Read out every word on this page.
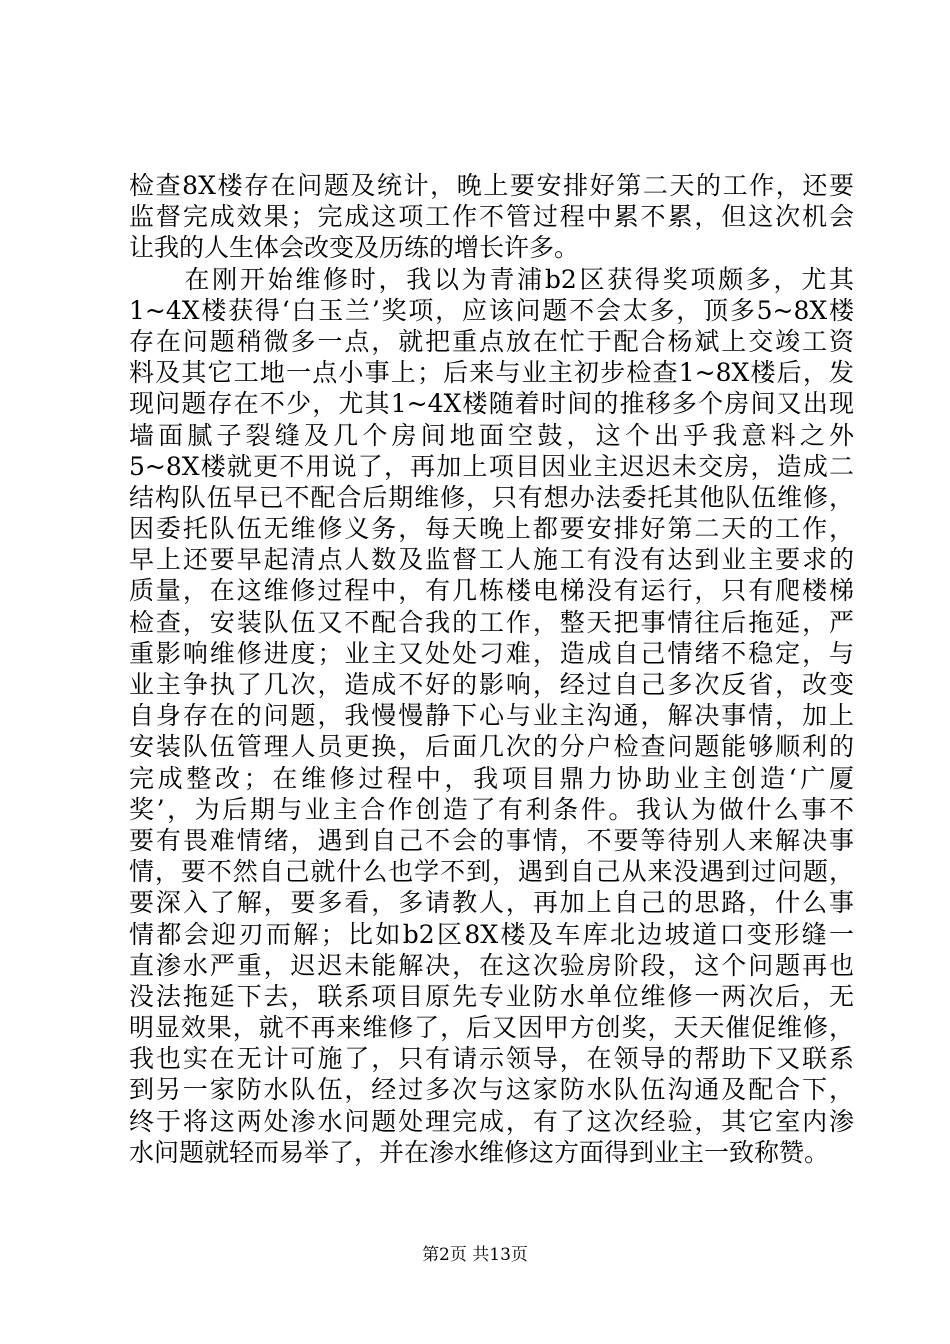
检查8X楼存在问题及统计，晚上要安排好第二天的工作，还要
监督完成效果；完成这项工作不管过程中累不累，但这次机会
让我的人生体会改变及历练的增长许多。
　　在刚开始维修时，我以为青浦b2区获得奖项颇多，尤其
1~4X楼获得‘白玉兰’奖项，应该问题不会太多，顶多5~8X楼
存在问题稍微多一点，就把重点放在忙于配合杨斌上交竣工资
料及其它工地一点小事上；后来与业主初步检查1~8X楼后，发
现问题存在不少，尤其1~4X楼随着时间的推移多个房间又出现
墙面腻子裂缝及几个房间地面空鼓，这个出乎我意料之外
5~8X楼就更不用说了，再加上项目因业主迟迟未交房，造成二
结构队伍早已不配合后期维修，只有想办法委托其他队伍维修，
因委托队伍无维修义务，每天晚上都要安排好第二天的工作，
早上还要早起清点人数及监督工人施工有没有达到业主要求的
质量，在这维修过程中，有几栋楼电梯没有运行，只有爬楼梯
检查，安装队伍又不配合我的工作，整天把事情往后拖延，严
重影响维修进度；业主又处处刁难，造成自己情绪不稳定，与
业主争执了几次，造成不好的影响，经过自己多次反省，改变
自身存在的问题，我慢慢静下心与业主沟通，解决事情，加上
安装队伍管理人员更换，后面几次的分户检查问题能够顺利的
完成整改；在维修过程中，我项目鼎力协助业主创造‘广厦
奖’，为后期与业主合作创造了有利条件。我认为做什么事不
要有畏难情绪，遇到自己不会的事情，不要等待别人来解决事
情，要不然自己就什么也学不到，遇到自己从来没遇到过问题，
要深入了解，要多看，多请教人，再加上自己的思路，什么事
情都会迎刃而解；比如b2区8X楼及车库北边坡道口变形缝一
直渗水严重，迟迟未能解决，在这次验房阶段，这个问题再也
没法拖延下去，联系项目原先专业防水单位维修一两次后，无
明显效果，就不再来维修了，后又因甲方创奖，天天催促维修，
我也实在无计可施了，只有请示领导，在领导的帮助下又联系
到另一家防水队伍，经过多次与这家防水队伍沟通及配合下，
终于将这两处渗水问题处理完成，有了这次经验，其它室内渗
水问题就轻而易举了，并在渗水维修这方面得到业主一致称赞。
第2页 共13页
